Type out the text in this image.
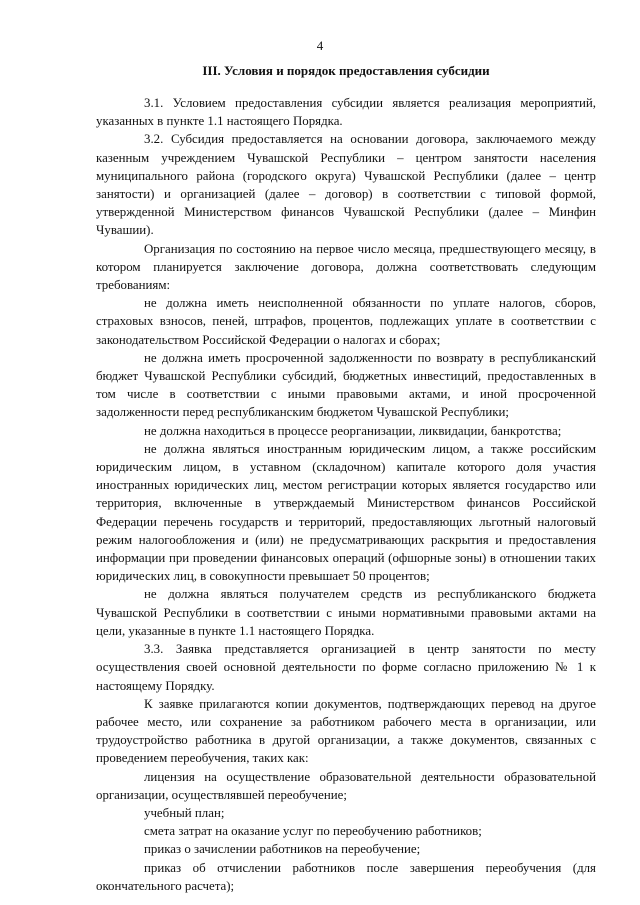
4
III. Условия и порядок предоставления субсидии

3.1. Условием предоставления субсидии является реализация мероприятий, указанных в пункте 1.1 настоящего Порядка.

3.2. Субсидия предоставляется на основании договора, заключаемого между казенным учреждением Чувашской Республики – центром занятости населения муниципального района (городского округа) Чувашской Республики (далее – центр занятости) и организацией (далее – договор) в соответствии с типовой формой, утвержденной Министерством финансов Чувашской Республики (далее – Минфин Чувашии).

Организация по состоянию на первое число месяца, предшествующего месяцу, в котором планируется заключение договора, должна соответствовать следующим требованиям:

не должна иметь неисполненной обязанности по уплате налогов, сборов, страховых взносов, пеней, штрафов, процентов, подлежащих уплате в соответствии с законодательством Российской Федерации о налогах и сборах;

не должна иметь просроченной задолженности по возврату в республиканский бюджет Чувашской Республики субсидий, бюджетных инвестиций, предоставленных в том числе в соответствии с иными правовыми актами, и иной просроченной задолженности перед республиканским бюджетом Чувашской Республики;

не должна находиться в процессе реорганизации, ликвидации, банкротства;

не должна являться иностранным юридическим лицом, а также российским юридическим лицом, в уставном (складочном) капитале которого доля участия иностранных юридических лиц, местом регистрации которых является государство или территория, включенные в утверждаемый Министерством финансов Российской Федерации перечень государств и территорий, предоставляющих льготный налоговый режим налогообложения и (или) не предусматривающих раскрытия и предоставления информации при проведении финансовых операций (офшорные зоны) в отношении таких юридических лиц, в совокупности превышает 50 процентов;

не должна являться получателем средств из республиканского бюджета Чувашской Республики в соответствии с иными нормативными правовыми актами на цели, указанные в пункте 1.1 настоящего Порядка.

3.3. Заявка представляется организацией в центр занятости по месту осуществления своей основной деятельности по форме согласно приложению № 1 к настоящему Порядку.

К заявке прилагаются копии документов, подтверждающих перевод на другое рабочее место, или сохранение за работником рабочего места в организации, или трудоустройство работника в другой организации, а также документов, связанных с проведением переобучения, таких как:

лицензия на осуществление образовательной деятельности образовательной организации, осуществлявшей переобучение;

учебный план;

смета затрат на оказание услуг по переобучению работников;

приказ о зачислении работников на переобучение;

приказ об отчислении работников после завершения переобучения (для окончательного расчета);
